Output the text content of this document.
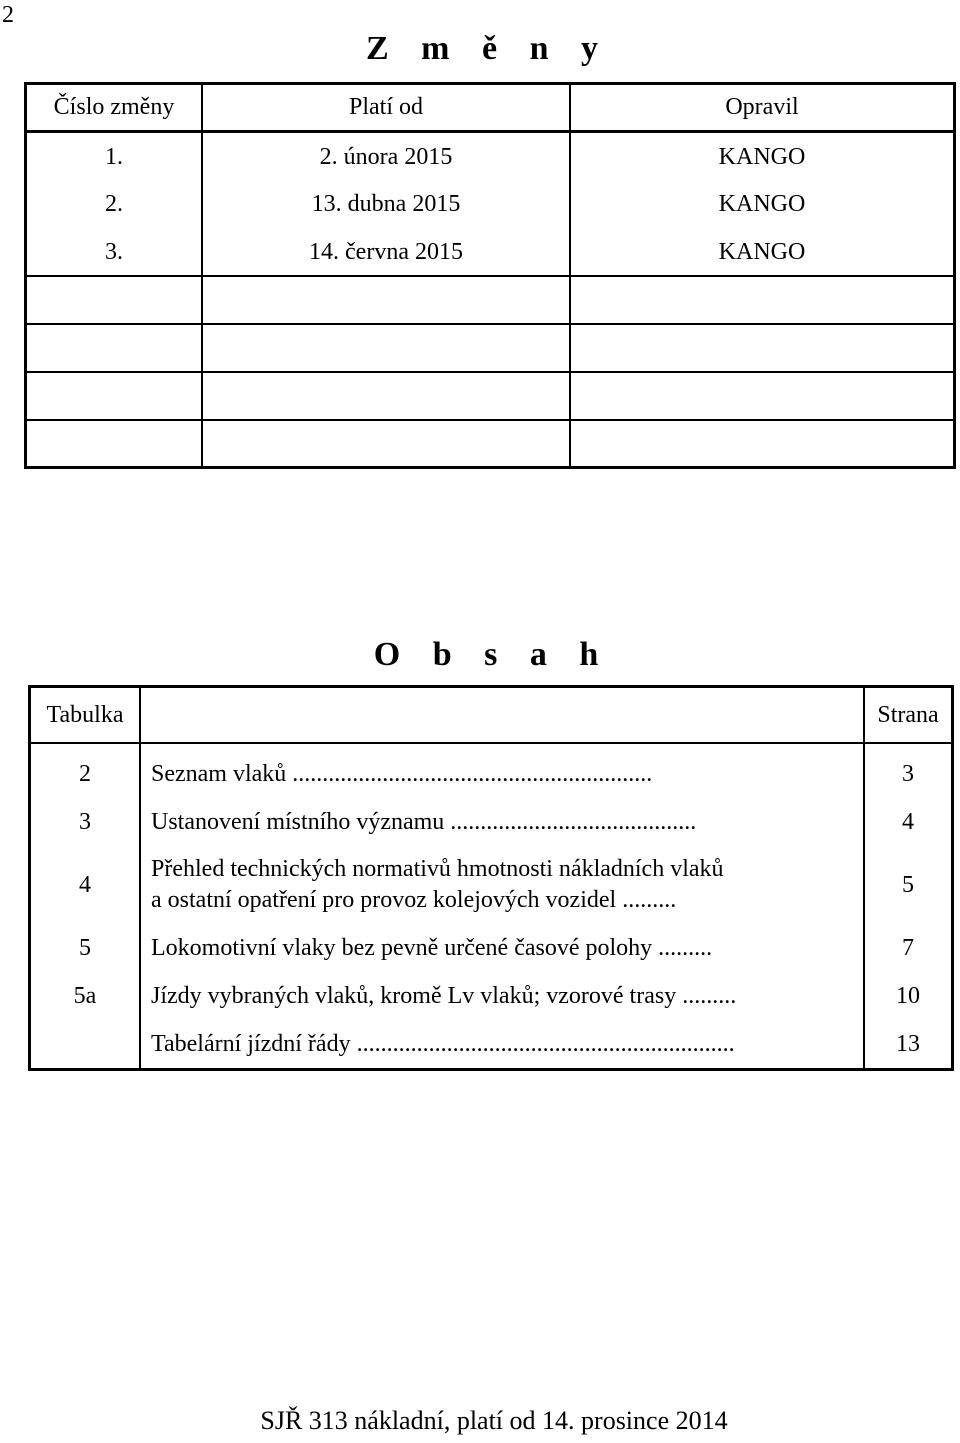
2
Z m ě n y
Číslo změny	Platí od	Opravil
1.	2. února 2015	KANGO
2.	13. dubna 2015	KANGO
3.	14. června 2015	KANGO

O b s a h
Tabulka		Strana
2	Seznam vlaků ............................................................	3
3	Ustanovení místního významu .........................................	4
4	Přehled technických normativů hmotnosti nákladních vlaků
a ostatní opatření pro provoz kolejových vozidel .........	5
5	Lokomotivní vlaky bez pevně určené časové polohy .........	7
5a	Jízdy vybraných vlaků, kromě Lv vlaků; vzorové trasy .........	10
	Tabelární jízdní řády ...............................................................	13
SJŘ 313 nákladní, platí od 14. prosince 2014
